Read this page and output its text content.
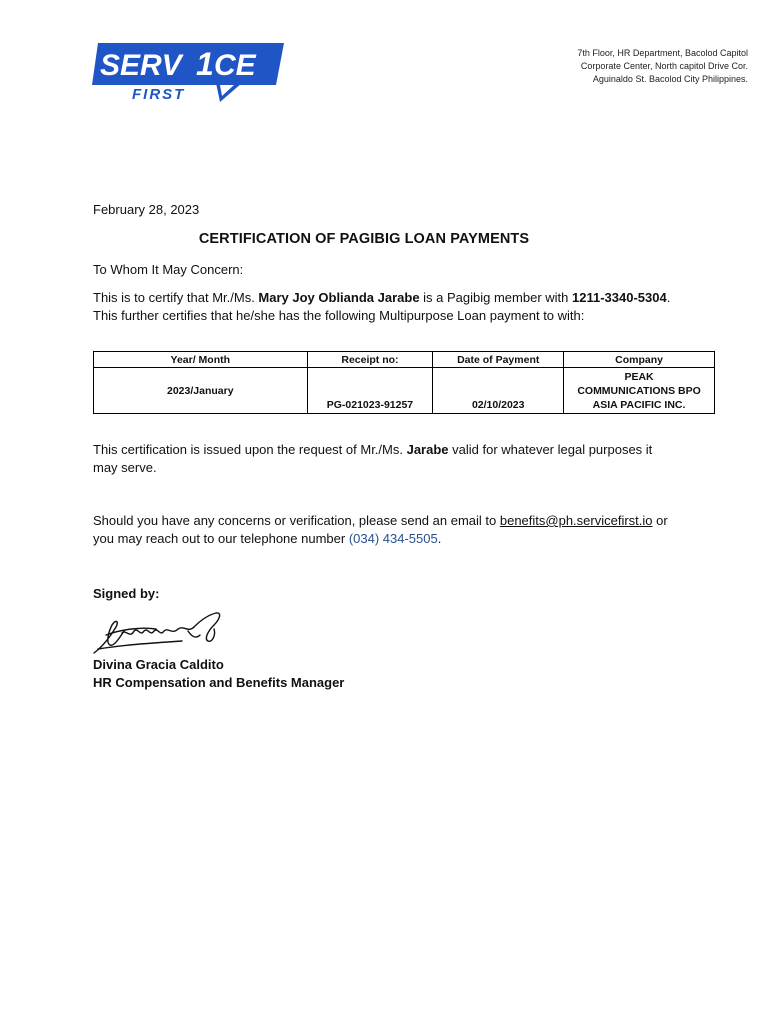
SERV 1 CE
FIRST
7th Floor, HR Department, Bacolod Capitol
Corporate Center, North capitol Drive Cor.
Aguinaldo St. Bacolod City Philippines.
February 28, 2023
CERTIFICATION OF PAGIBIG LOAN PAYMENTS
To Whom It May Concern:
This is to certify that Mr./Ms. Mary Joy Oblianda Jarabe is a Pagibig member with 1211-3340-5304.
This further certifies that he/she has the following Multipurpose Loan payment to with:
Year/ Month	Receipt no:	Date of Payment	Company
2023/January	PG-021023-91257	02/10/2023	PEAK
COMMUNICATIONS BPO
ASIA PACIFIC INC.
This certification is issued upon the request of Mr./Ms. Jarabe valid for whatever legal purposes it
may serve.
Should you have any concerns or verification, please send an email to benefits@ph.servicefirst.io or
you may reach out to our telephone number (034) 434-5505.
Signed by:
Divina Gracia Caldito
HR Compensation and Benefits Manager
